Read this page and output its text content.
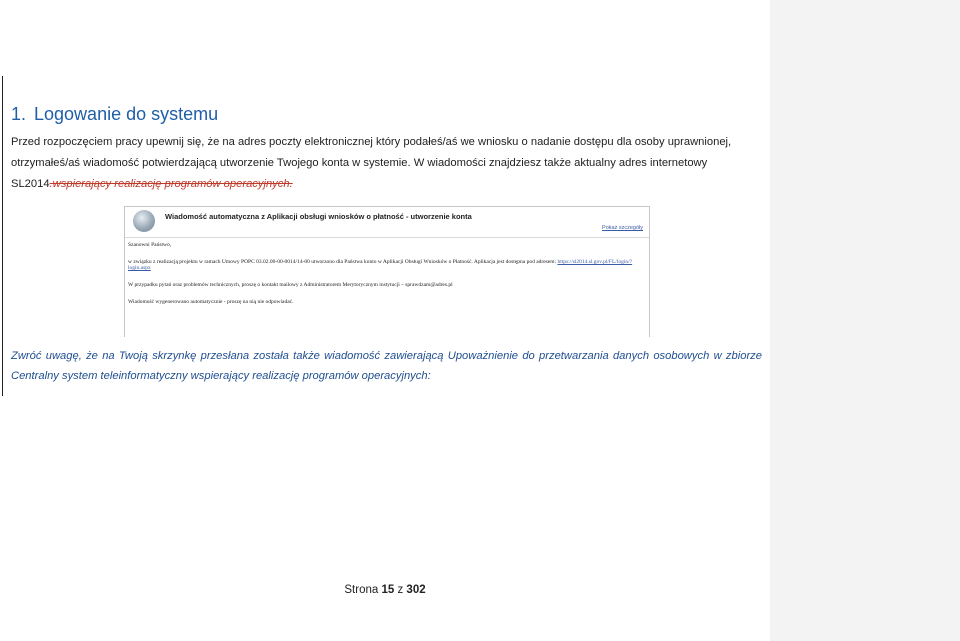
1. Logowanie do systemu
Przed rozpoczęciem pracy upewnij się, że na adres poczty elektronicznej który podałeś/aś we wniosku o nadanie dostępu dla osoby uprawnionej, otrzymałeś/aś wiadomość potwierdzającą utworzenie Twojego konta w systemie. W wiadomości znajdziesz także aktualny adres internetowy SL2014.wspierający realizację programów operacyjnych.
Wiadomość automatyczna z Aplikacji obsługi wniosków o płatność - utworzenie konta
Pokaż szczegóły

Szanowni Państwo,

w związku z realizacją projektu w ramach Umowy POPC 03.02.00-00-0014/14-00 utworzono dla Państwa konto w Aplikacji Obsługi Wniosków o Płatność. Aplikacja jest dostępna pod adresem: https://sl2014.sl.gov.pl/FL/login/?login.aspx

W przypadku pytań oraz problemów technicznych, proszę o kontakt mailowy z Administratorem Merytorycznym instytucji – sprawdzam@adres.pl

Wiadomość wygenerowano automatycznie - proszę na nią nie odpowiadać.

Zwróć uwagę, że na Twoją skrzynkę przesłana została także wiadomość zawierającą Upoważnienie do przetwarzania danych osobowych w zbiorze Centralny system teleinformatyczny wspierający realizację programów operacyjnych:
Strona 15 z 302
